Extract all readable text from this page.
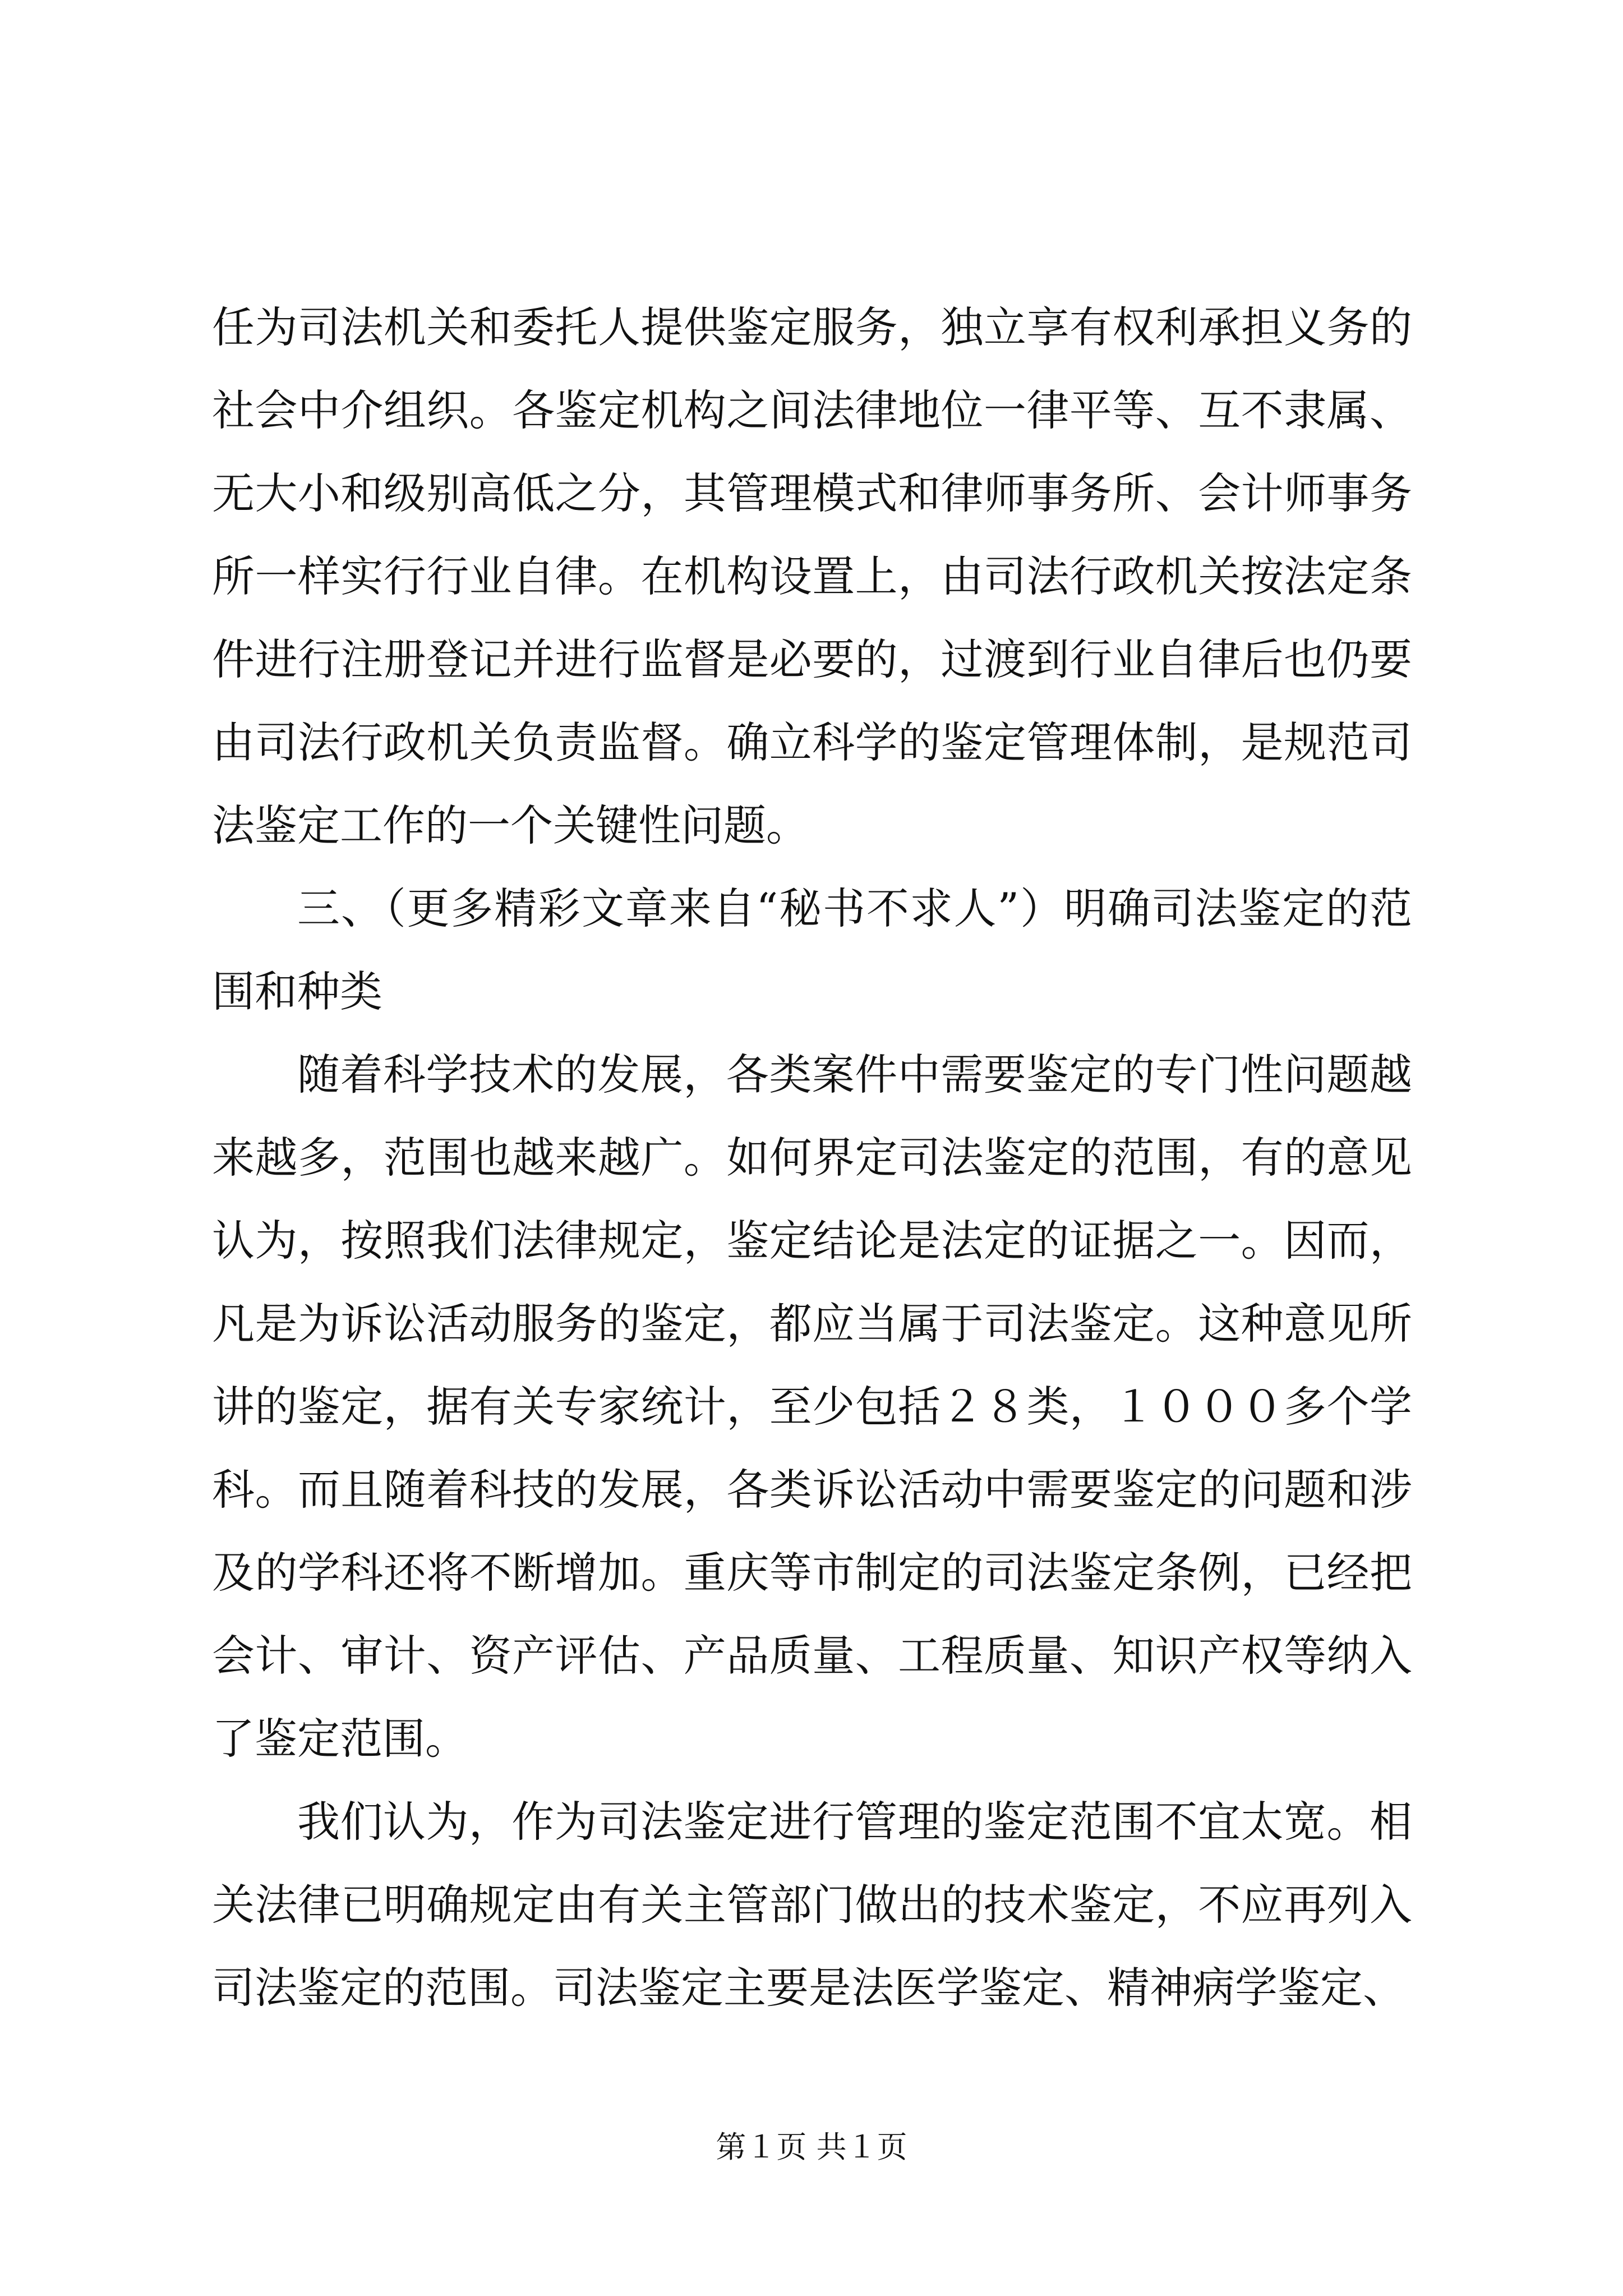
任为司法机关和委托人提供鉴定服务，独立享有权利承担义务的社会中介组织。各鉴定机构之间法律地位一律平等、互不隶属、无大小和级别高低之分，其管理模式和律师事务所、会计师事务所一样实行行业自律。在机构设置上，由司法行政机关按法定条件进行注册登记并进行监督是必要的，过渡到行业自律后也仍要由司法行政机关负责监督。确立科学的鉴定管理体制，是规范司法鉴定工作的一个关键性问题。

三、（更多精彩文章来自“秘书不求人”）明确司法鉴定的范围和种类

随着科学技术的发展，各类案件中需要鉴定的专门性问题越来越多，范围也越来越广。如何界定司法鉴定的范围，有的意见认为，按照我们法律规定，鉴定结论是法定的证据之一。因而，凡是为诉讼活动服务的鉴定，都应当属于司法鉴定。这种意见所讲的鉴定，据有关专家统计，至少包括２８类，１０００多个学科。而且随着科技的发展，各类诉讼活动中需要鉴定的问题和涉及的学科还将不断增加。重庆等市制定的司法鉴定条例，已经把会计、审计、资产评估、产品质量、工程质量、知识产权等纳入了鉴定范围。

我们认为，作为司法鉴定进行管理的鉴定范围不宜太宽。相关法律已明确规定由有关主管部门做出的技术鉴定，不应再列入司法鉴定的范围。司法鉴定主要是法医学鉴定、精神病学鉴定、

第１页 共１页
